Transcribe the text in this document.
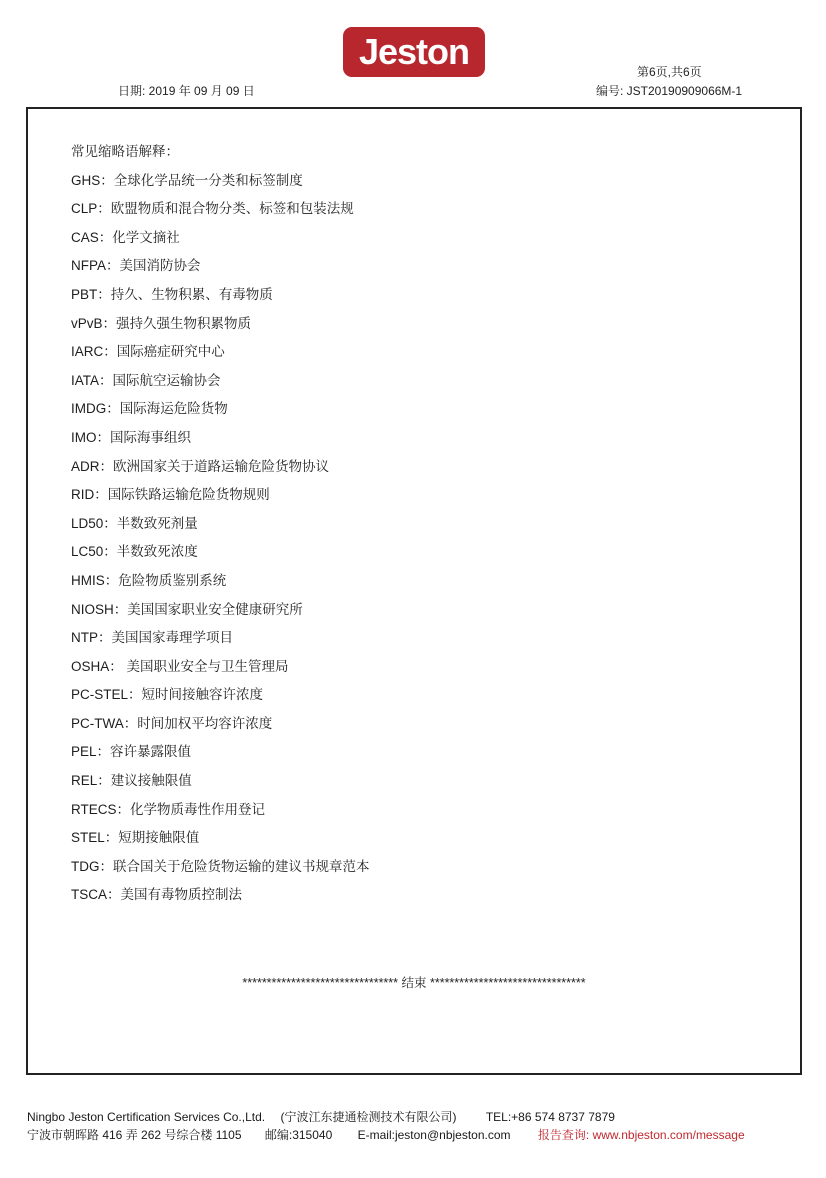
Jeston	第6页,共6页
日期: 2019 年 09 月 09 日	编号: JST20190909066M-1
常见缩略语解释：
GHS：全球化学品统一分类和标签制度
CLP：欧盟物质和混合物分类、标签和包装法规
CAS：化学文摘社
NFPA：美国消防协会
PBT：持久、生物积累、有毒物质
vPvB：强持久强生物积累物质
IARC：国际癌症研究中心
IATA：国际航空运输协会
IMDG：国际海运危险货物
IMO：国际海事组织
ADR：欧洲国家关于道路运输危险货物协议
RID：国际铁路运输危险货物规则
LD50：半数致死剂量
LC50：半数致死浓度
HMIS：危险物质鉴别系统
NIOSH：美国国家职业安全健康研究所
NTP：美国国家毒理学项目
OSHA： 美国职业安全与卫生管理局
PC-STEL：短时间接触容许浓度
PC-TWA：时间加权平均容许浓度
PEL：容许暴露限值
REL：建议接触限值
RTECS：化学物质毒性作用登记
STEL：短期接触限值
TDG：联合国关于危险货物运输的建议书规章范本
TSCA：美国有毒物质控制法
******************************** 结束 ********************************
Ningbo Jeston Certification Services Co.,Ltd. (宁波江东捷通检测技术有限公司) TEL:+86 574 8737 7879
宁波市朝晖路 416 弄 262 号综合楼 1105 邮编:315040 E-mail:jeston@nbjeston.com 报告查询: www.nbjeston.com/message
